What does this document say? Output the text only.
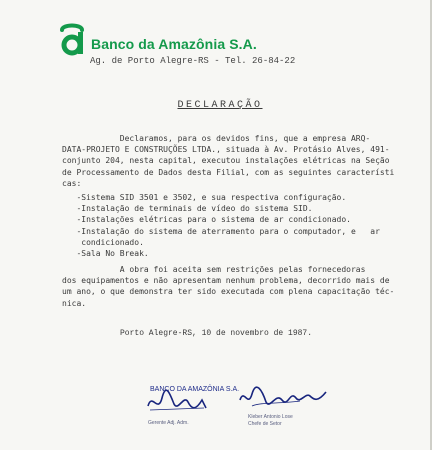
Banco da Amazônia S.A.
Ag. de Porto Alegre-RS - Tel. 26-84-22
DECLARAÇÃO
Declaramos, para os devidos fins, que a empresa ARQ-
DATA-PROJETO E CONSTRUÇÕES LTDA., situada à Av. Protásio Alves, 491-
conjunto 204, nesta capital, executou instalações elétricas na Seção
de Processamento de Dados desta Filial, com as seguintes característi
cas:
-Sistema SID 3501 e 3502, e sua respectiva configuração.
-Instalação de terminais de vídeo do sistema SID.
-Instalações elétricas para o sistema de ar condicionado.
-Instalação do sistema de aterramento para o computador, e   ar
condicionado.
-Sala No Break.
A obra foi aceita sem restrições pelas fornecedoras
dos equipamentos e não apresentam nenhum problema, decorrido mais de
um ano, o que demonstra ter sido executada com plena capacitação téc-
nica.
Porto Alegre-RS, 10 de novembro de 1987.
BANCO DA AMAZÔNIA S.A.
Gerente Adj. Adm.
Kleber Antonio Lose
Chefe de Setor
